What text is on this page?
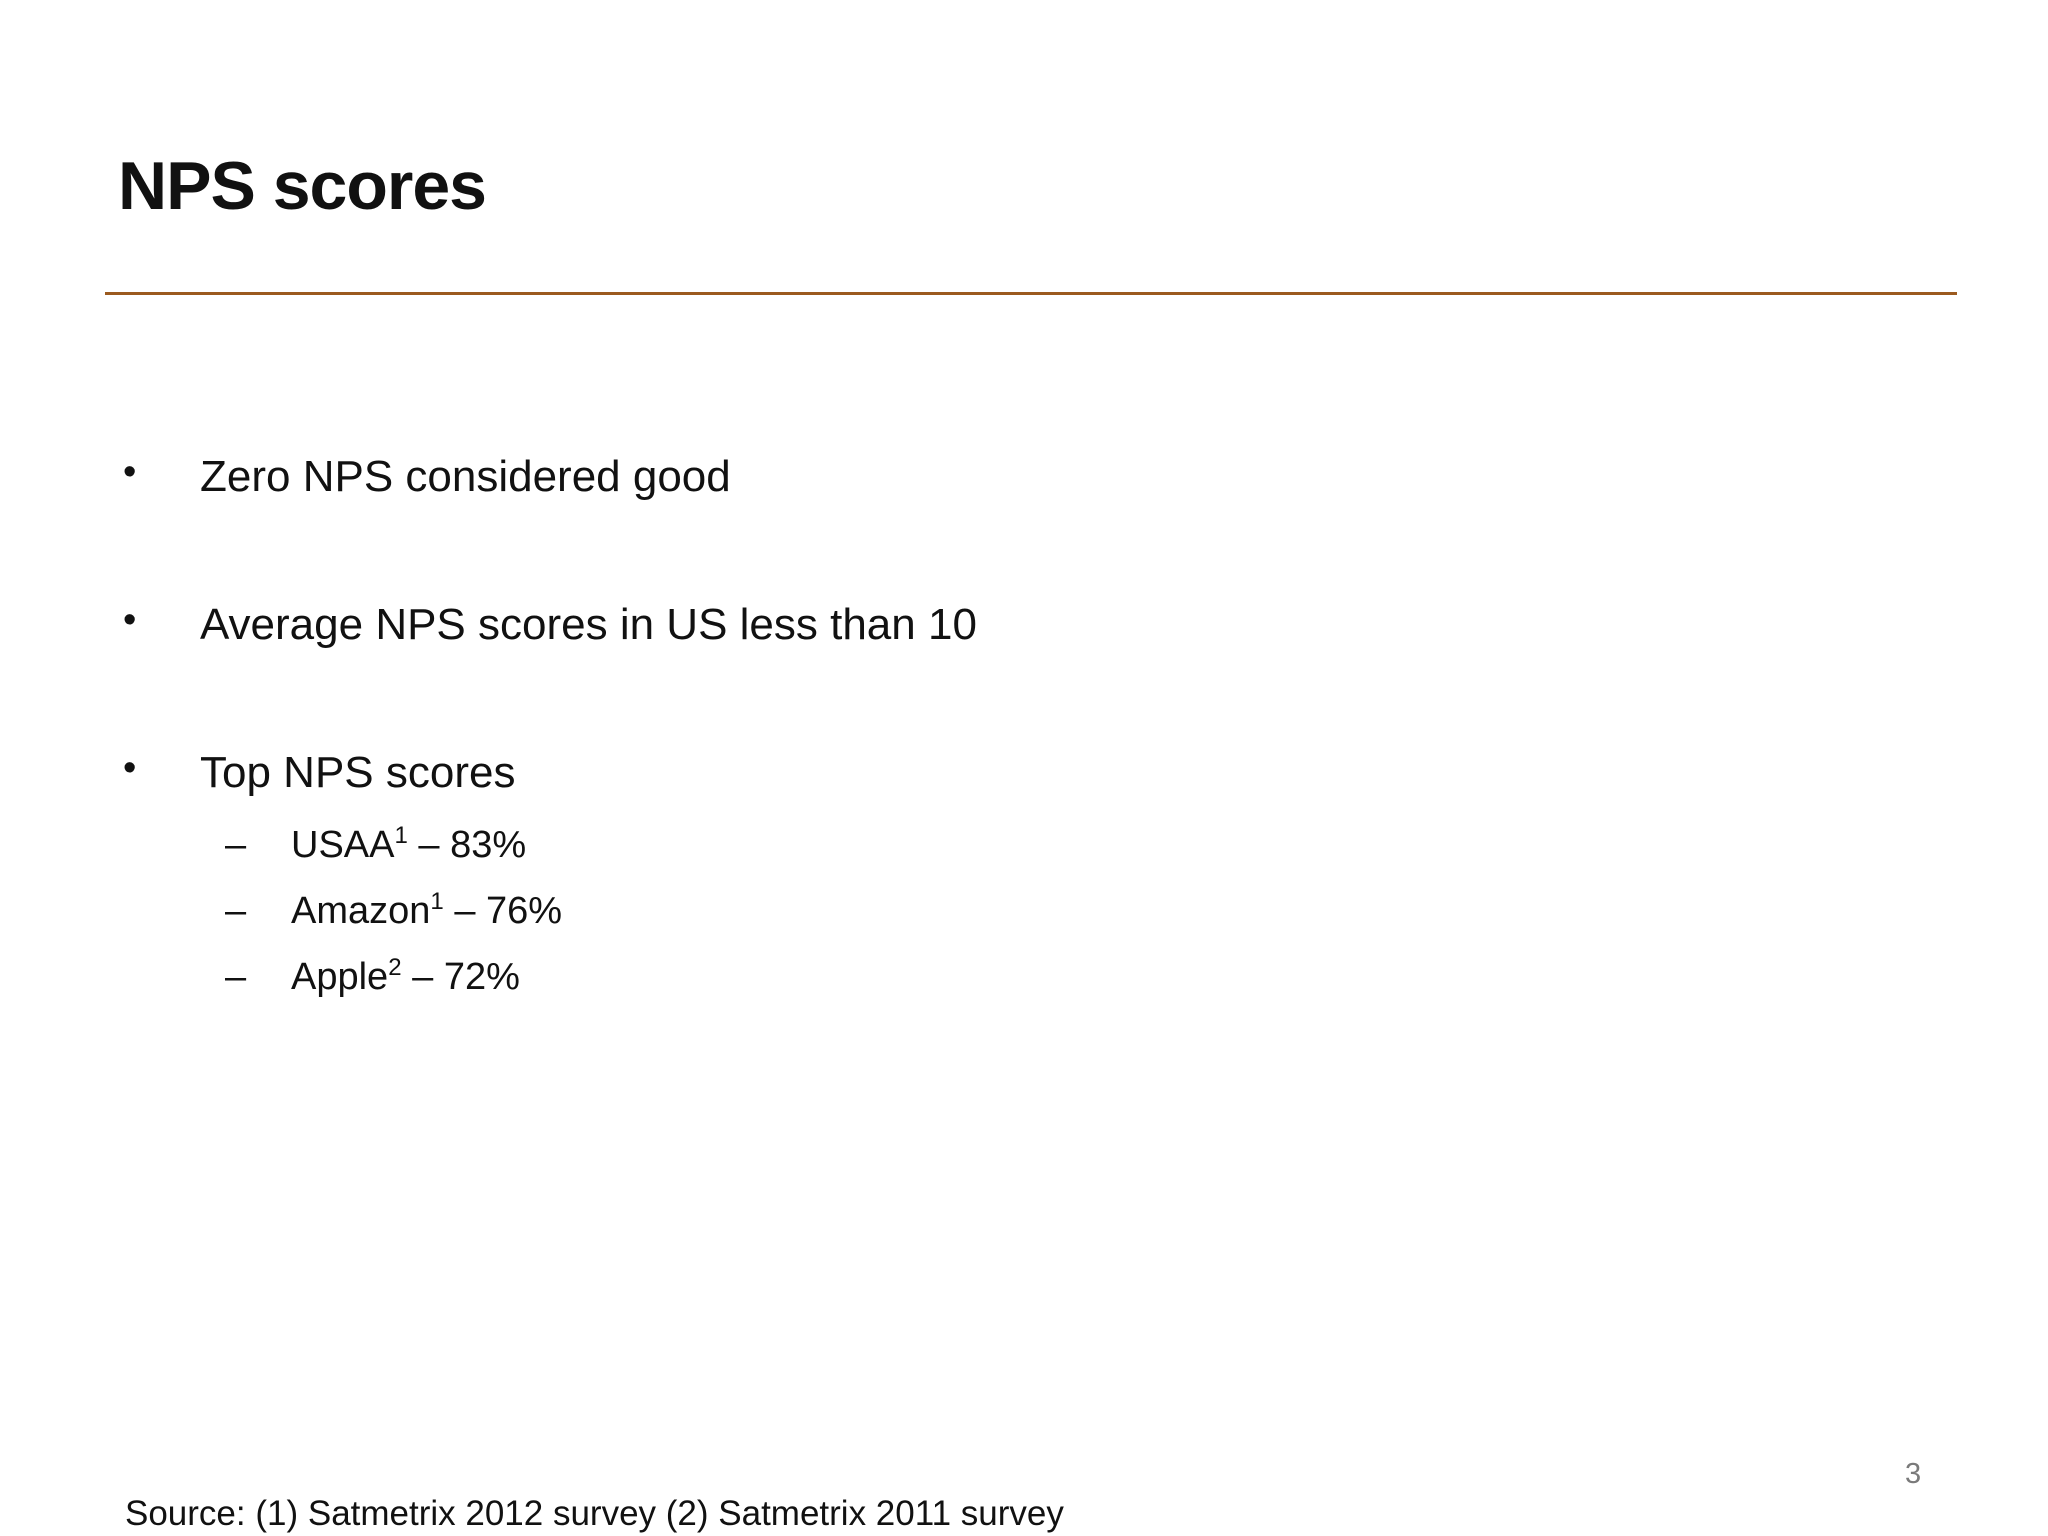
NPS scores
• Zero NPS considered good
• Average NPS scores in US less than 10
• Top NPS scores
– USAA$^1$ – 83%
– Amazon$^1$ – 76%
– Apple$^2$ – 72%
3
Source: (1) Satmetrix 2012 survey (2) Satmetrix 2011 survey
